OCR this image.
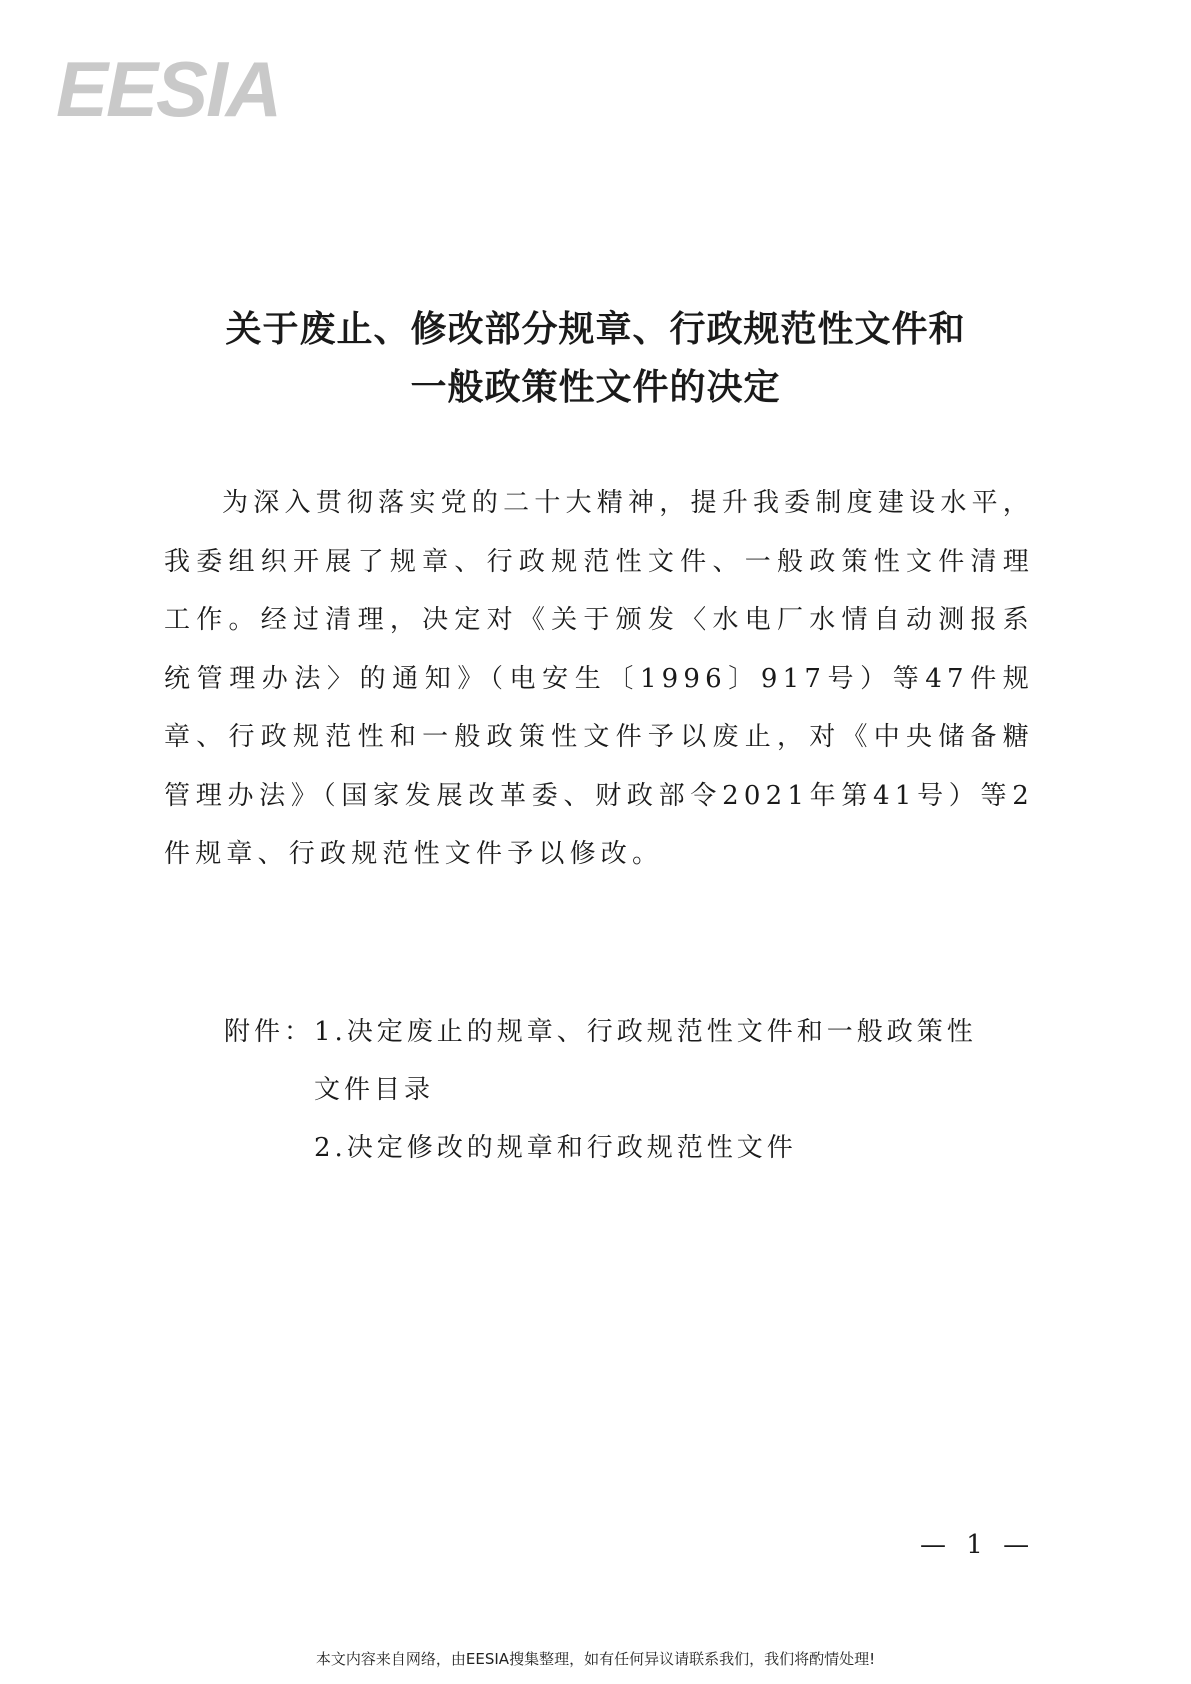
EESIA
关于废止、修改部分规章、行政规范性文件和
一般政策性文件的决定

为深入贯彻落实党的二十大精神，提升我委制度建设水平，我委组织开展了规章、行政规范性文件、一般政策性文件清理工作。经过清理，决定对《关于颁发〈水电厂水情自动测报系统管理办法〉的通知》（电安生〔1996〕917号）等47件规章、行政规范性和一般政策性文件予以废止，对《中央储备糖管理办法》（国家发展改革委、财政部令2021年第41号）等2件规章、行政规范性文件予以修改。

附件： 1.决定废止的规章、行政规范性文件和一般政策性
文件目录
2.决定修改的规章和行政规范性文件
— 1 —
本文内容来自网络，由EESIA搜集整理，如有任何异议请联系我们，我们将酌情处理!
